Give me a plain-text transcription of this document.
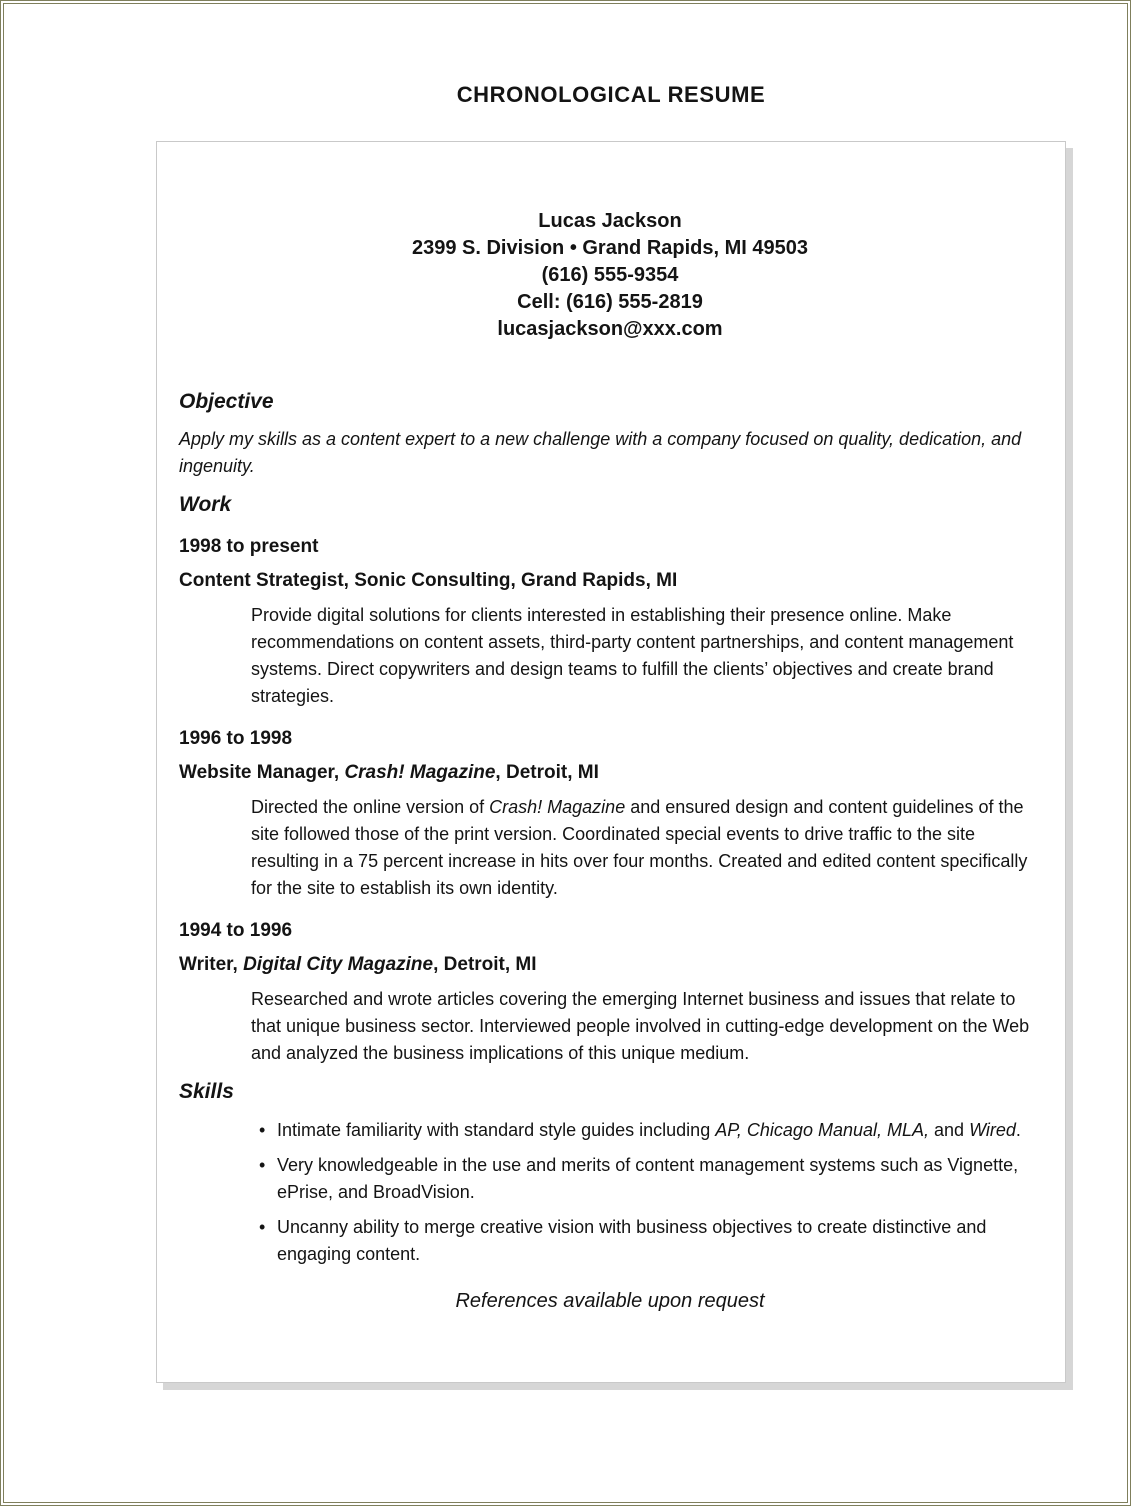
CHRONOLOGICAL RESUME
Lucas Jackson
2399 S. Division • Grand Rapids, MI 49503
(616) 555-9354
Cell: (616) 555-2819
lucasjackson@xxx.com
Objective

Apply my skills as a content expert to a new challenge with a company focused on quality, dedication, and ingenuity.

Work
1998 to present
Content Strategist, Sonic Consulting, Grand Rapids, MI

Provide digital solutions for clients interested in establishing their presence online. Make recommendations on content assets, third-party content partnerships, and content management systems. Direct copywriters and design teams to fulfill the clients’ objectives and create brand strategies.

1996 to 1998
Website Manager, Crash! Magazine, Detroit, MI

Directed the online version of Crash! Magazine and ensured design and content guidelines of the site followed those of the print version. Coordinated special events to drive traffic to the site resulting in a 75 percent increase in hits over four months. Created and edited content specifically for the site to establish its own identity.

1994 to 1996
Writer, Digital City Magazine, Detroit, MI

Researched and wrote articles covering the emerging Internet business and issues that relate to that unique business sector. Interviewed people involved in cutting-edge development on the Web and analyzed the business implications of this unique medium.

Skills
• Intimate familiarity with standard style guides including AP, Chicago Manual, MLA, and Wired.
• Very knowledgeable in the use and merits of content management systems such as Vignette, ePrise, and BroadVision.
• Uncanny ability to merge creative vision with business objectives to create distinctive and engaging content.

References available upon request
